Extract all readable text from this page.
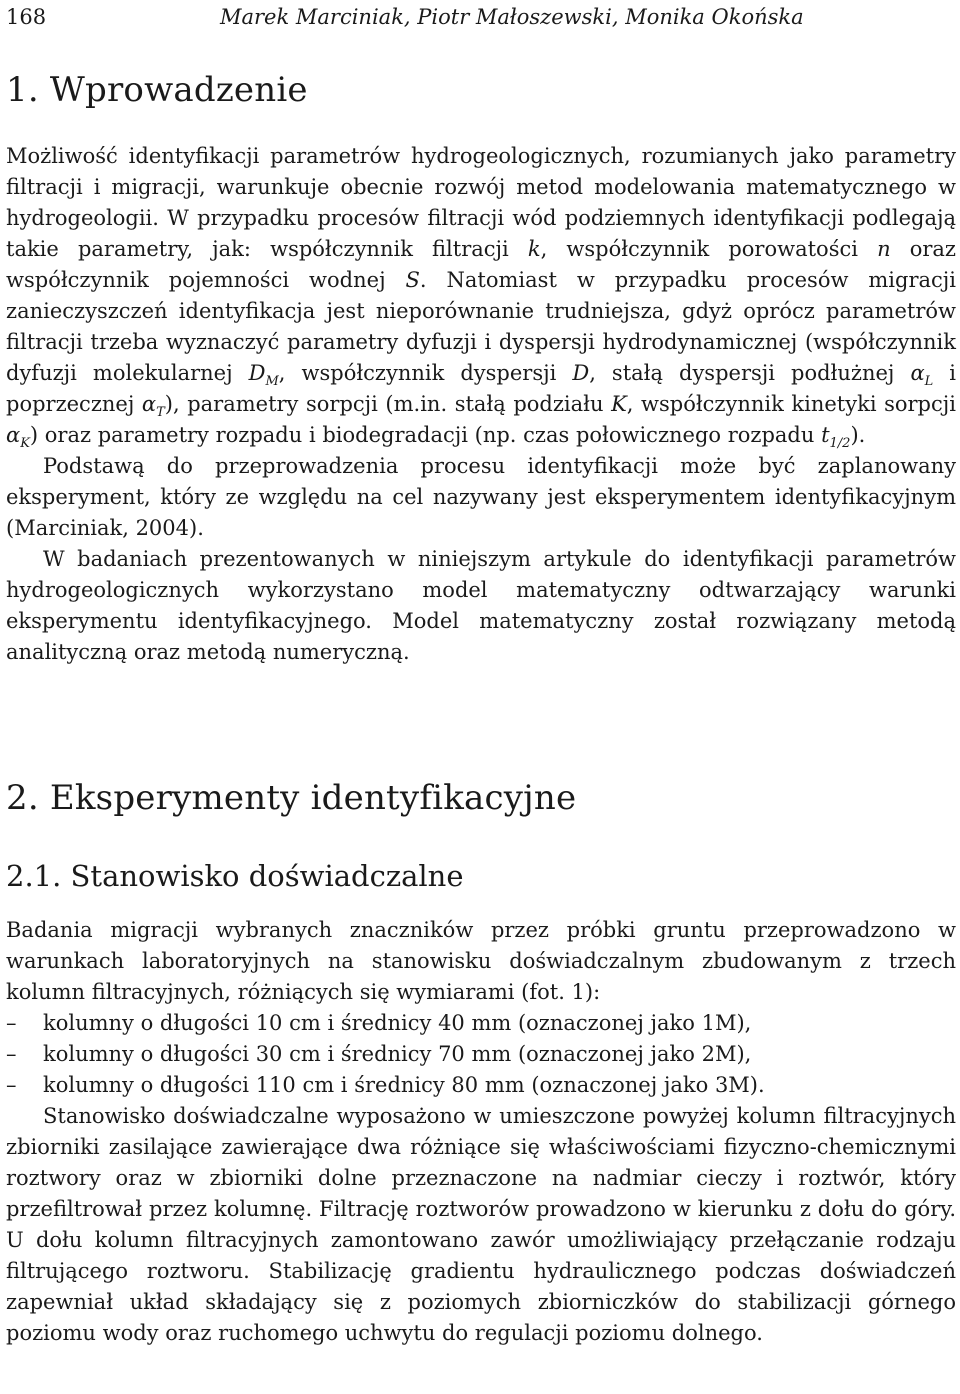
168	Marek Marciniak, Piotr Małoszewski, Monika Okońska
1. Wprowadzenie

Możliwość identyfikacji parametrów hydrogeologicznych, rozumianych jako parametry filtracji i migracji, warunkuje obecnie rozwój metod modelowania matematycznego w hydrogeologii. W przypadku procesów filtracji wód podziemnych identyfikacji podlegają takie parametry, jak: współczynnik filtracji k, współczynnik porowatości n oraz współczynnik pojemności wodnej S. Natomiast w przypadku procesów migracji zanieczyszczeń identyfikacja jest nieporównanie trudniejsza, gdyż oprócz parametrów filtracji trzeba wyznaczyć parametry dyfuzji i dyspersji hydrodynamicznej (współczynnik dyfuzji molekularnej $D_M$, współczynnik dyspersji D, stałą dyspersji podłużnej $\alpha_L$ i poprzecznej $\alpha_T$), parametry sorpcji (m.in. stałą podziału K, współczynnik kinetyki sorpcji $\alpha_K$) oraz parametry rozpadu i biodegradacji (np. czas połowicznego rozpadu $t_{1/2}$).

Podstawą do przeprowadzenia procesu identyfikacji może być zaplanowany eksperyment, który ze względu na cel nazywany jest eksperymentem identyfikacyjnym (Marciniak, 2004).

W badaniach prezentowanych w niniejszym artykule do identyfikacji parametrów hydrogeologicznych wykorzystano model matematyczny odtwarzający warunki eksperymentu identyfikacyjnego. Model matematyczny został rozwiązany metodą analityczną oraz metodą numeryczną.

2. Eksperymenty identyfikacyjne
2.1. Stanowisko doświadczalne

Badania migracji wybranych znaczników przez próbki gruntu przeprowadzono w warunkach laboratoryjnych na stanowisku doświadczalnym zbudowanym z trzech kolumn filtracyjnych, różniących się wymiarami (fot. 1):

– kolumny o długości 10 cm i średnicy 40 mm (oznaczonej jako 1M),
– kolumny o długości 30 cm i średnicy 70 mm (oznaczonej jako 2M),
– kolumny o długości 110 cm i średnicy 80 mm (oznaczonej jako 3M).

Stanowisko doświadczalne wyposażono w umieszczone powyżej kolumn filtracyjnych zbiorniki zasilające zawierające dwa różniące się właściwościami fizyczno-chemicznymi roztwory oraz w zbiorniki dolne przeznaczone na nadmiar cieczy i roztwór, który przefiltrował przez kolumnę. Filtrację roztworów prowadzono w kierunku z dołu do góry. U dołu kolumn filtracyjnych zamontowano zawór umożliwiający przełączanie rodzaju filtrującego roztworu. Stabilizację gradientu hydraulicznego podczas doświadczeń zapewniał układ składający się z poziomych zbiorniczków do stabilizacji górnego poziomu wody oraz ruchomego uchwytu do regulacji poziomu dolnego.
